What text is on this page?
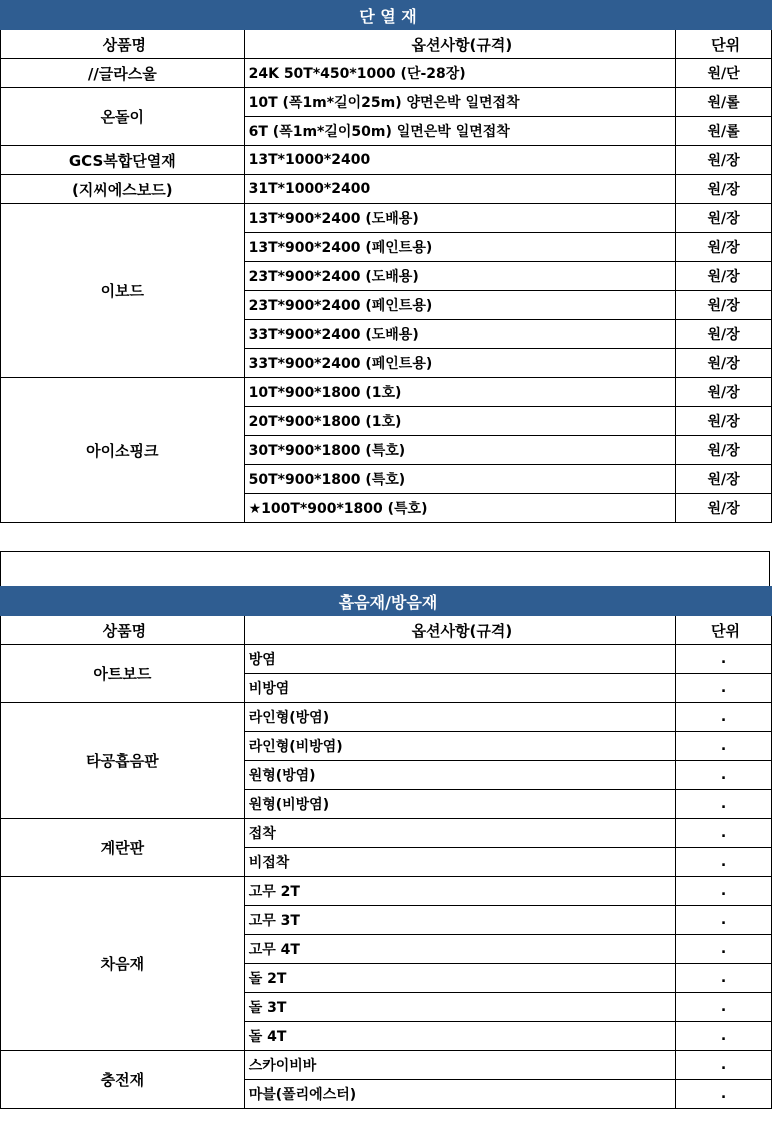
단 열 재		
상품명	옵션사항(규격)	단위
//글라스울	24K 50T*450*1000 (단-28장)	원/단
온돌이	10T (폭1m*길이25m) 양면은박 일면접착	원/롤
	6T (폭1m*길이50m) 일면은박 일면접착	원/롤
GCS복합단열재	13T*1000*2400	원/장
(지씨에스보드)	31T*1000*2400	원/장
이보드	13T*900*2400 (도배용)	원/장
	13T*900*2400 (페인트용)	원/장
	23T*900*2400 (도배용)	원/장
	23T*900*2400 (페인트용)	원/장
	33T*900*2400 (도배용)	원/장
	33T*900*2400 (페인트용)	원/장
아이소핑크	10T*900*1800 (1호)	원/장
	20T*900*1800 (1호)	원/장
	30T*900*1800 (특호)	원/장
	50T*900*1800 (특호)	원/장
	★100T*900*1800 (특호)	원/장
흡음재/방음재		
상품명	옵션사항(규격)	단위
아트보드	방염	.
	비방염	.
타공흡음판	라인형(방염)	.
	라인형(비방염)	.
	원형(방염)	.
	원형(비방염)	.
계란판	접착	.
	비접착	.
차음재	고무 2T	.
	고무 3T	.
	고무 4T	.
	돌 2T	.
	돌 3T	.
	돌 4T	.
충전재	스카이비바	.
	마블(폴리에스터)	.
